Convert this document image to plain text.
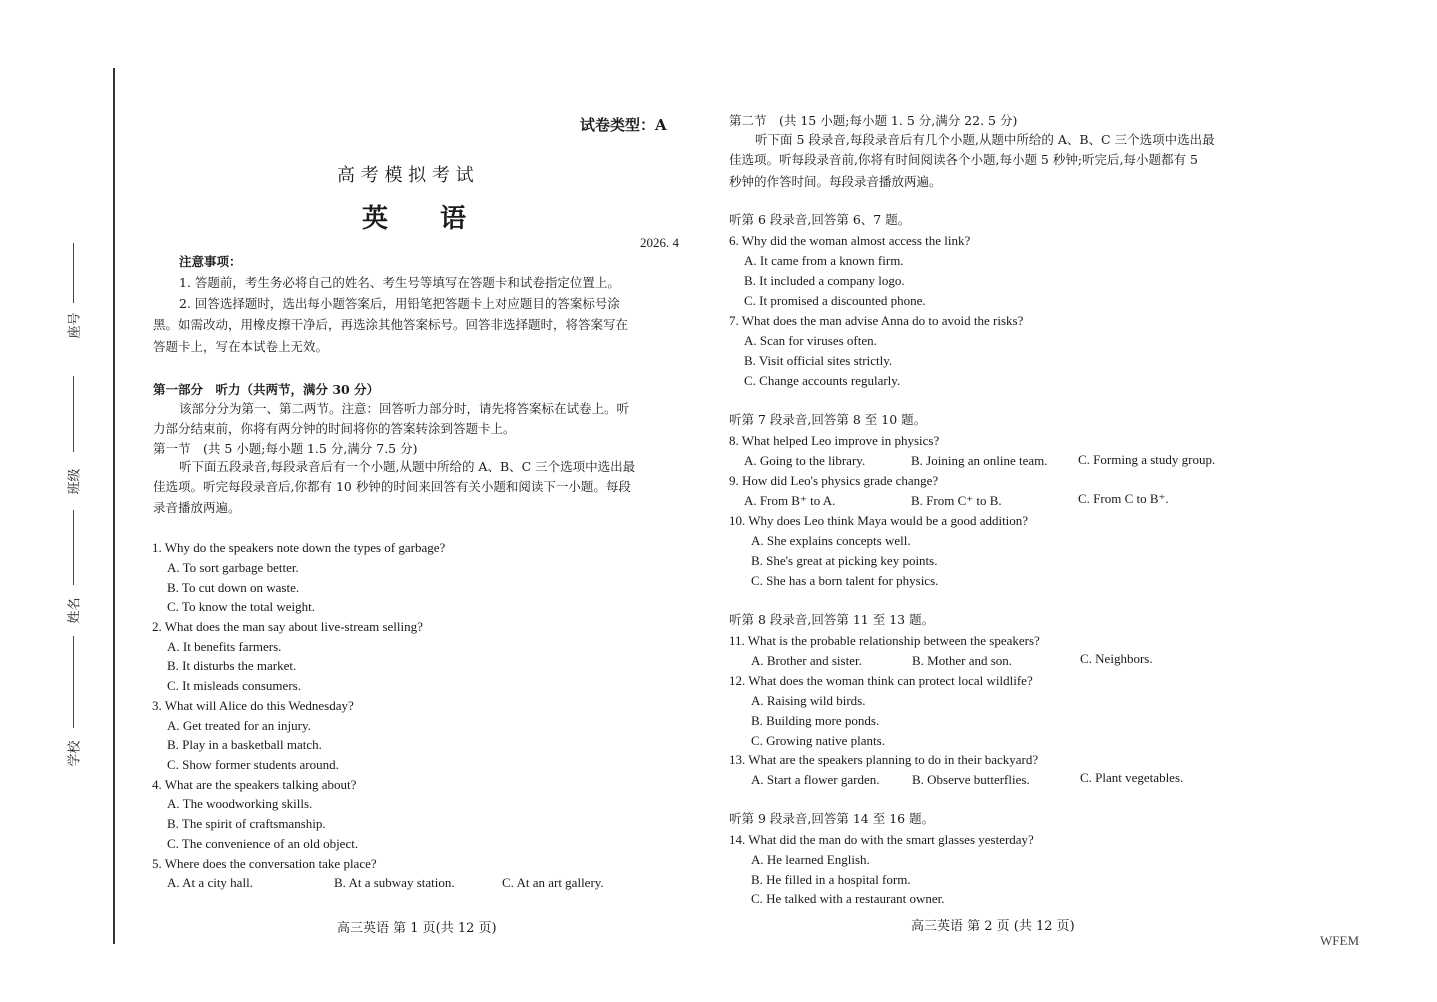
座号
班级
姓名
学校
试卷类型：A
高 考 模 拟 考 试
英　　语
2026. 4
注意事项：
1. 答题前，考生务必将自己的姓名、考生号等填写在答题卡和试卷指定位置上。
2. 回答选择题时，选出每小题答案后，用铅笔把答题卡上对应题目的答案标号涂
黑。如需改动，用橡皮擦干净后，再选涂其他答案标号。回答非选择题时，将答案写在
答题卡上，写在本试卷上无效。
第一部分　听力（共两节，满分 30 分）
该部分分为第一、第二两节。注意：回答听力部分时，请先将答案标在试卷上。听
力部分结束前，你将有两分钟的时间将你的答案转涂到答题卡上。
第一节　(共 5 小题;每小题 1.5 分,满分 7.5 分)
听下面五段录音,每段录音后有一个小题,从题中所给的 A、B、C 三个选项中选出最
佳选项。听完每段录音后,你都有 10 秒钟的时间来回答有关小题和阅读下一小题。每段
录音播放两遍。
1. Why do the speakers note down the types of garbage?
A. To sort garbage better.
B. To cut down on waste.
C. To know the total weight.
2. What does the man say about live-stream selling?
A. It benefits farmers.
B. It disturbs the market.
C. It misleads consumers.
3. What will Alice do this Wednesday?
A. Get treated for an injury.
B. Play in a basketball match.
C. Show former students around.
4. What are the speakers talking about?
A. The woodworking skills.
B. The spirit of craftsmanship.
C. The convenience of an old object.
5. Where does the conversation take place?
A. At a city hall.	B. At a subway station.	C. At an art gallery.
高三英语 第 1 页(共 12 页)
第二节　(共 15 小题;每小题 1. 5 分,满分 22. 5 分)
听下面 5 段录音,每段录音后有几个小题,从题中所给的 A、B、C 三个选项中选出最
佳选项。听每段录音前,你将有时间阅读各个小题,每小题 5 秒钟;听完后,每小题都有 5
秒钟的作答时间。每段录音播放两遍。
听第 6 段录音,回答第 6、7 题。
6. Why did the woman almost access the link?
A. It came from a known firm.
B. It included a company logo.
C. It promised a discounted phone.
7. What does the man advise Anna do to avoid the risks?
A. Scan for viruses often.
B. Visit official sites strictly.
C. Change accounts regularly.
听第 7 段录音,回答第 8 至 10 题。
8. What helped Leo improve in physics?
A. Going to the library.	B. Joining an online team. C. Forming a study group.
9. How did Leo's physics grade change?
A. From B⁺ to A.	B. From C⁺ to B.	C. From C to B⁺.
10. Why does Leo think Maya would be a good addition?
A. She explains concepts well.
B. She's great at picking key points.
C. She has a born talent for physics.
听第 8 段录音,回答第 11 至 13 题。
11. What is the probable relationship between the speakers?
A. Brother and sister.	B. Mother and son.	C. Neighbors.
12. What does the woman think can protect local wildlife?
A. Raising wild birds.
B. Building more ponds.
C. Growing native plants.
13. What are the speakers planning to do in their backyard?
A. Start a flower garden. B. Observe butterflies.	C. Plant vegetables.
听第 9 段录音,回答第 14 至 16 题。
14. What did the man do with the smart glasses yesterday?
A. He learned English.
B. He filled in a hospital form.
C. He talked with a restaurant owner.
高三英语 第 2 页 (共 12 页)
WFEM
